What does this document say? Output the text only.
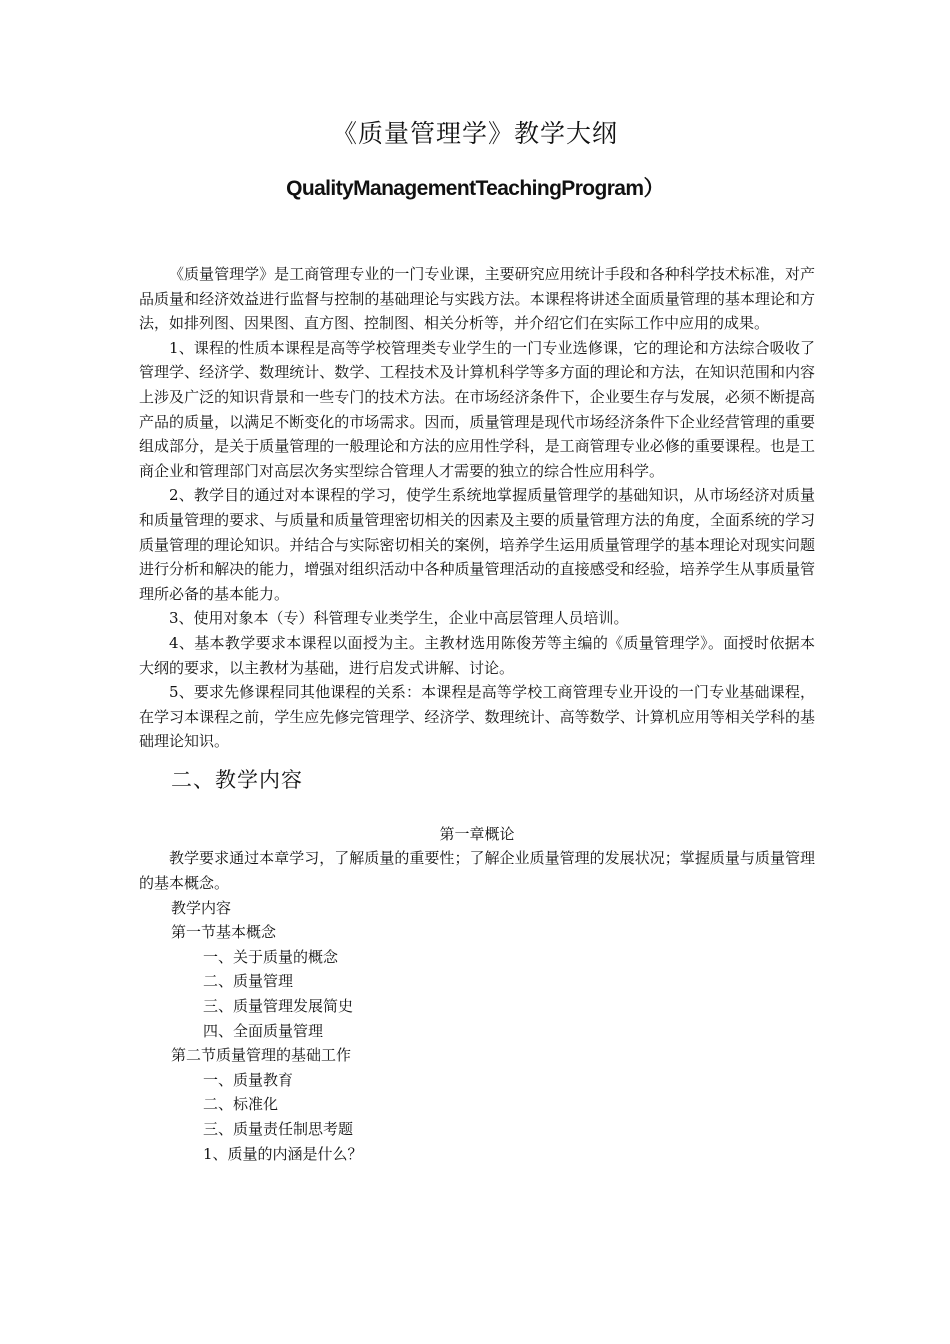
《质量管理学》教学大纲
QualityManagementTeachingProgram）

《质量管理学》是工商管理专业的一门专业课，主要研究应用统计手段和各种科学技术标准，对产品质量和经济效益进行监督与控制的基础理论与实践方法。本课程将讲述全面质量管理的基本理论和方法，如排列图、因果图、直方图、控制图、相关分析等，并介绍它们在实际工作中应用的成果。

1、课程的性质本课程是高等学校管理类专业学生的一门专业选修课，它的理论和方法综合吸收了管理学、经济学、数理统计、数学、工程技术及计算机科学等多方面的理论和方法，在知识范围和内容上涉及广泛的知识背景和一些专门的技术方法。在市场经济条件下，企业要生存与发展，必须不断提高产品的质量，以满足不断变化的市场需求。因而，质量管理是现代市场经济条件下企业经营管理的重要组成部分，是关于质量管理的一般理论和方法的应用性学科，是工商管理专业必修的重要课程。也是工商企业和管理部门对高层次务实型综合管理人才需要的独立的综合性应用科学。

2、教学目的通过对本课程的学习，使学生系统地掌握质量管理学的基础知识，从市场经济对质量和质量管理的要求、与质量和质量管理密切相关的因素及主要的质量管理方法的角度，全面系统的学习质量管理的理论知识。并结合与实际密切相关的案例，培养学生运用质量管理学的基本理论对现实问题进行分析和解决的能力，增强对组织活动中各种质量管理活动的直接感受和经验，培养学生从事质量管理所必备的基本能力。

3、使用对象本（专）科管理专业类学生，企业中高层管理人员培训。

4、基本教学要求本课程以面授为主。主教材选用陈俊芳等主编的《质量管理学》。面授时依据本大纲的要求，以主教材为基础，进行启发式讲解、讨论。

5、要求先修课程同其他课程的关系：本课程是高等学校工商管理专业开设的一门专业基础课程，在学习本课程之前，学生应先修完管理学、经济学、数理统计、高等数学、计算机应用等相关学科的基础理论知识。

二、教学内容

第一章概论

教学要求通过本章学习，了解质量的重要性；了解企业质量管理的发展状况；掌握质量与质量管理的基本概念。

教学内容

第一节基本概念

一、关于质量的概念

二、质量管理

三、质量管理发展简史

四、全面质量管理

第二节质量管理的基础工作

一、质量教育

二、标准化

三、质量责任制思考题

1、质量的内涵是什么？
